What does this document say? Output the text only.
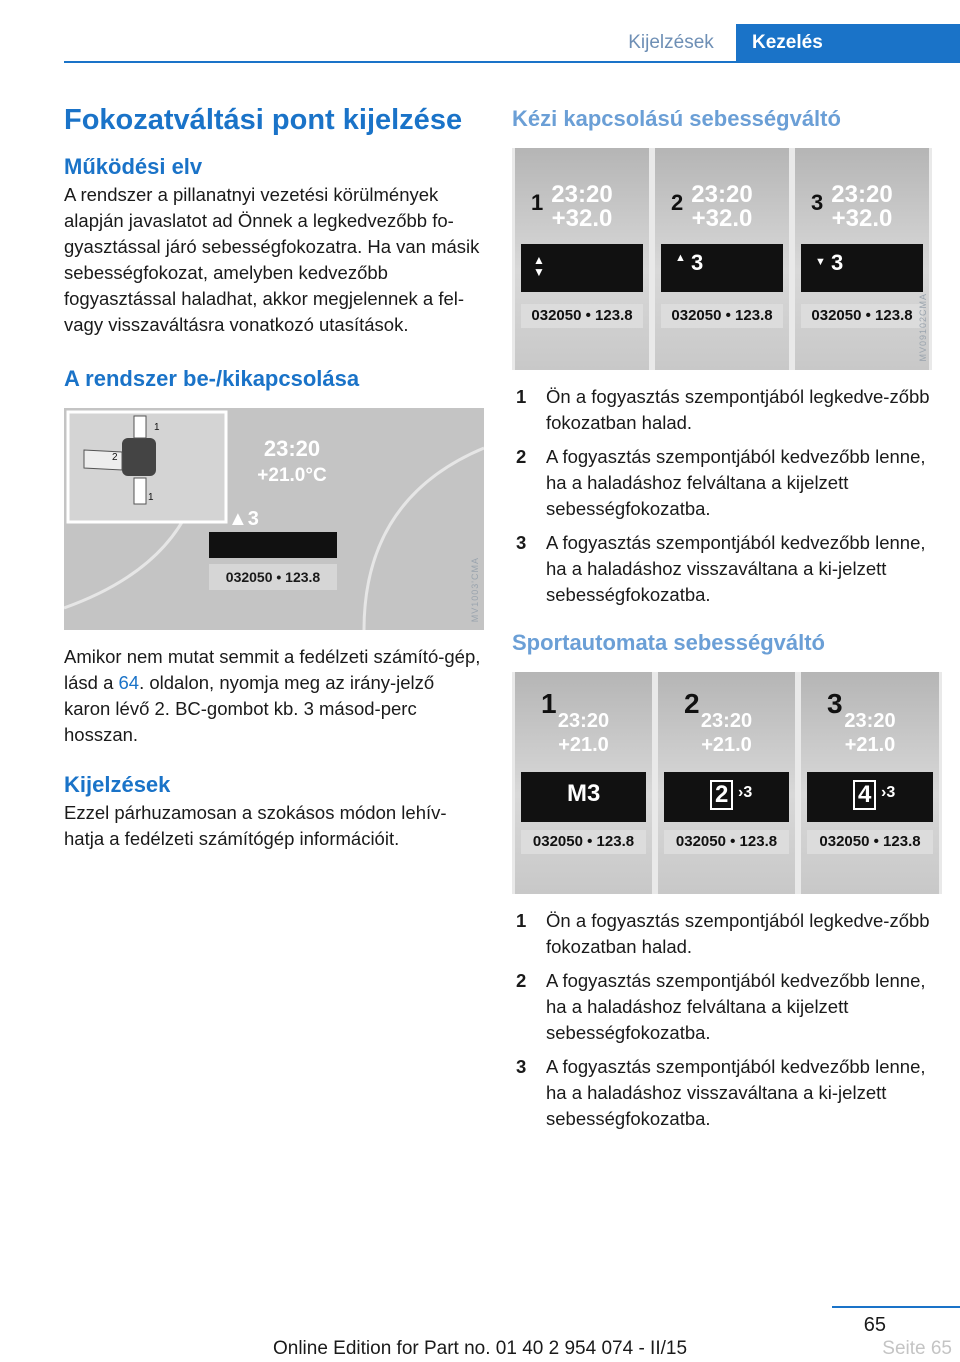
Kijelzések	Kezelés
Fokozatváltási pont kijelzése
Működési elv

A rendszer a pillanatnyi vezetési körülmények alapján javaslatot ad Önnek a legkedvezőbb fo‐gyasztással járó sebességfokozatra. Ha van másik sebességfokozat, amelyben kedvezőbb fogyasztással haladhat, akkor megjelennek a fel- vagy visszaváltásra vonatkozó utasítások.

A rendszer be-/kikapcsolása
1
1
2	23:20
+21.0°C
▲3
032050 • 123.8	MV1003ʹCMA

Amikor nem mutat semmit a fedélzeti számító‐gép, lásd a 64. oldalon, nyomja meg az irány‐jelző karon lévő 2. BC-gombot kb. 3 másod‐perc hosszan.

Kijelzések

Ezzel párhuzamosan a szokásos módon lehív‐hatja a fedélzeti számítógép információit.

Kézi kapcsolású sebességváltó
23:20
+32.0
▲
▼
032050 • 123.8
1	23:20
+32.0
▲ 3
032050 • 123.8
2	23:20
+32.0
▼ 3
032050 • 123.8
3
MV09102CMA
1 Ön a fogyasztás szempontjából legkedve‐zőbb fokozatban halad.
2 A fogyasztás szempontjából kedvezőbb lenne, ha a haladáshoz felváltana a kijelzett sebességfokozatba.
3 A fogyasztás szempontjából kedvezőbb lenne, ha a haladáshoz visszaváltana a ki‐jelzett sebességfokozatba.
Sportautomata sebességváltó
23:20
+21.0
M3
032050 • 123.8
1
23:20
+21.0
2 ›3
032050 • 123.8
2
23:20
+21.0
4 ›3
032050 • 123.8
3
1 Ön a fogyasztás szempontjából legkedve‐zőbb fokozatban halad.
2 A fogyasztás szempontjából kedvezőbb lenne, ha a haladáshoz felváltana a kijelzett sebességfokozatba.
3 A fogyasztás szempontjából kedvezőbb lenne, ha a haladáshoz visszaváltana a ki‐jelzett sebességfokozatba.
65
Online Edition for Part no. 01 40 2 954 074 - II/15	Seite 65
